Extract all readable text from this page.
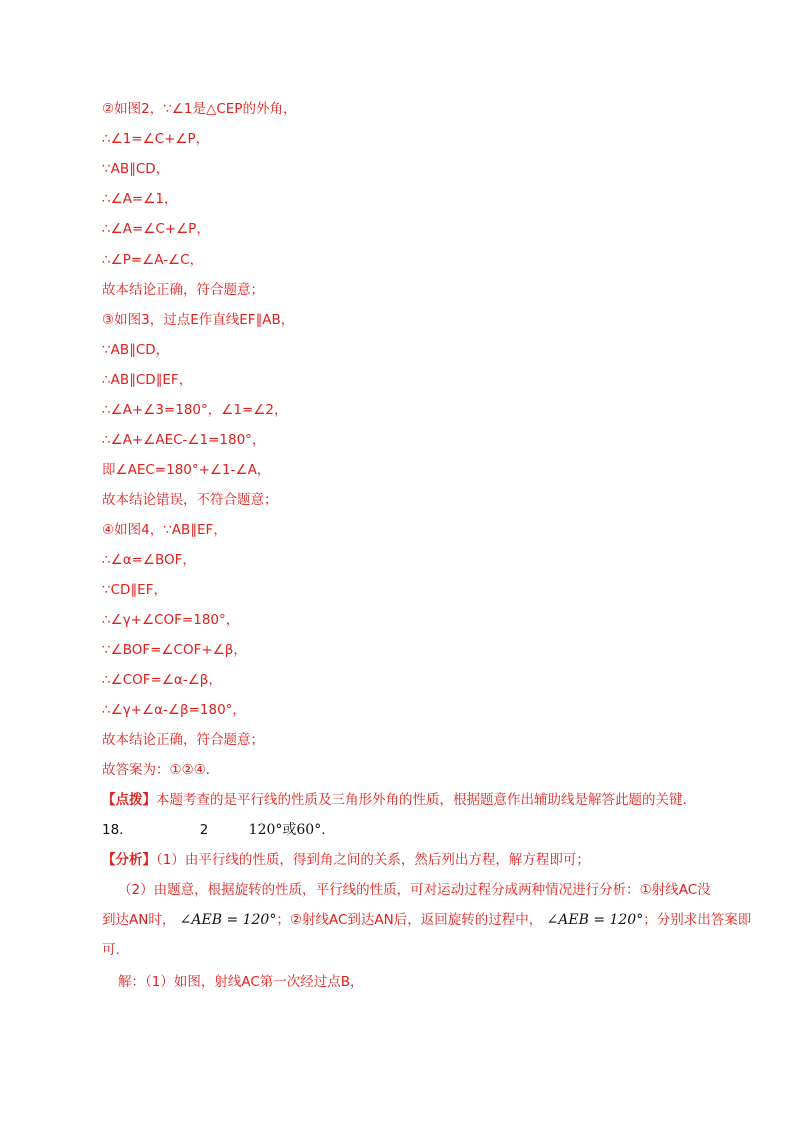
②如图2，∵∠1是△CEP的外角，
∴∠1=∠C+∠P，
∵AB∥CD，
∴∠A=∠1，
∴∠A=∠C+∠P，
∴∠P=∠A-∠C，
故本结论正确，符合题意；
③如图3，过点E作直线EF∥AB，
∵AB∥CD，
∴AB∥CD∥EF，
∴∠A+∠3=180°，∠1=∠2，
∴∠A+∠AEC-∠1=180°，
即∠AEC=180°+∠1-∠A，
故本结论错误，不符合题意；
④如图4，∵AB∥EF，
∴∠α=∠BOF，
∵CD∥EF，
∴∠γ+∠COF=180°，
∵∠BOF=∠COF+∠β，
∴∠COF=∠α-∠β，
∴∠γ+∠α-∠β=180°，
故本结论正确，符合题意；
故答案为：①②④．
【点拨】本题考查的是平行线的性质及三角形外角的性质，根据题意作出辅助线是解答此题的关键．
18.	2	120°或60°.
【分析】（1）由平行线的性质，得到角之间的关系，然后列出方程，解方程即可；
（2）由题意，根据旋转的性质，平行线的性质，可对运动过程分成两种情况进行分析：①射线AC没
到达AN时， ∠AEB = 120°；②射线AC到达AN后，返回旋转的过程中， ∠AEB = 120°；分别求出答案即
可.
解：（1）如图，射线AC第一次经过点B，
